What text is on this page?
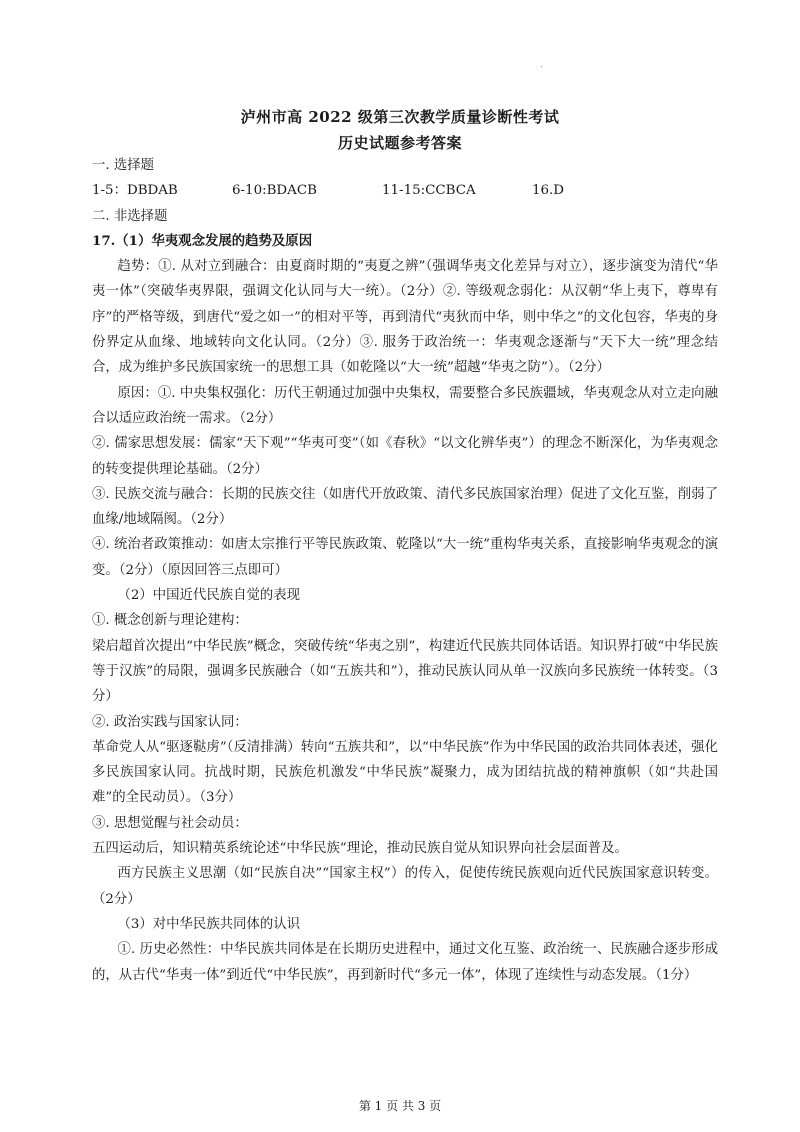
泸州市高 2022 级第三次教学质量诊断性考试
历史试题参考答案

一. 选择题

1-5：DBDAB	6-10:BDACB	11-15:CCBCA	16.D

二. 非选择题

17.（1）华夷观念发展的趋势及原因

趋势：①. 从对立到融合：由夏商时期的“夷夏之辨”（强调华夷文化差异与对立），逐步演变为清代“华夷一体”（突破华夷界限，强调文化认同与大一统）。（2分）②. 等级观念弱化：从汉朝“华上夷下，尊卑有序”的严格等级，到唐代“爱之如一”的相对平等，再到清代“夷狄而中华，则中华之”的文化包容，华夷的身份界定从血缘、地域转向文化认同。（2分）③. 服务于政治统一：华夷观念逐渐与“天下大一统”理念结合，成为维护多民族国家统一的思想工具（如乾隆以“大一统”超越“华夷之防”）。（2分）

原因：①. 中央集权强化：历代王朝通过加强中央集权，需要整合多民族疆域，华夷观念从对立走向融合以适应政治统一需求。（2分）

②. 儒家思想发展：儒家“天下观”“华夷可变”（如《春秋》“以文化辨华夷”）的理念不断深化，为华夷观念的转变提供理论基础。（2分）

③. 民族交流与融合：长期的民族交往（如唐代开放政策、清代多民族国家治理）促进了文化互鉴，削弱了血缘/地域隔阂。（2分）

④. 统治者政策推动：如唐太宗推行平等民族政策、乾隆以“大一统”重构华夷关系，直接影响华夷观念的演变。（2分）（原因回答三点即可）

（2）中国近代民族自觉的表现

①. 概念创新与理论建构：

梁启超首次提出“中华民族”概念，突破传统“华夷之别”，构建近代民族共同体话语。知识界打破“中华民族等于汉族”的局限，强调多民族融合（如“五族共和”），推动民族认同从单一汉族向多民族统一体转变。（3分）

②. 政治实践与国家认同：

革命党人从“驱逐鞑虏”（反清排满）转向“五族共和”，以“中华民族”作为中华民国的政治共同体表述，强化多民族国家认同。抗战时期，民族危机激发“中华民族”凝聚力，成为团结抗战的精神旗帜（如“共赴国难”的全民动员）。（3分）

③. 思想觉醒与社会动员：

五四运动后，知识精英系统论述“中华民族”理论，推动民族自觉从知识界向社会层面普及。

西方民族主义思潮（如“民族自决”“国家主权”）的传入，促使传统民族观向近代民族国家意识转变。（2分）

（3）对中华民族共同体的认识

①. 历史必然性：中华民族共同体是在长期历史进程中，通过文化互鉴、政治统一、民族融合逐步形成的，从古代“华夷一体”到近代“中华民族”，再到新时代“多元一体”，体现了连续性与动态发展。（1分）

第 1 页 共 3 页
